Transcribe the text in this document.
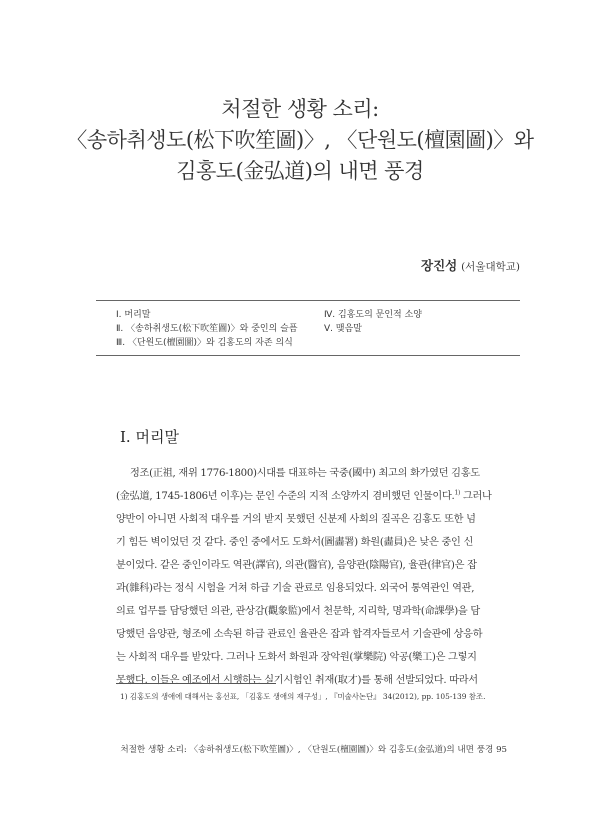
처절한 생황 소리:
〈송하취생도(松下吹笙圖)〉, 〈단원도(檀園圖)〉와
김홍도(金弘道)의 내면 풍경
장진성 (서울대학교)
Ⅰ. 머리말
Ⅱ. 〈송하취생도(松下吹笙圖)〉와 중인의 슬픔
Ⅲ. 〈단원도(檀園圖)〉와 김홍도의 자존 의식
Ⅳ. 김홍도의 문인적 소양
Ⅴ. 맺음말
Ⅰ. 머리말
정조(正祖, 재위 1776-1800)시대를 대표하는 국중(國中) 최고의 화가였던 김홍도
(金弘道, 1745-1806년 이후)는 문인 수준의 지적 소양까지 겸비했던 인물이다.$^{1)}$ 그러나
양반이 아니면 사회적 대우를 거의 받지 못했던 신분제 사회의 질곡은 김홍도 또한 넘
기 힘든 벽이었던 것 같다. 중인 중에서도 도화서(圖畵署) 화원(畵員)은 낮은 중인 신
분이었다. 같은 중인이라도 역관(譯官), 의관(醫官), 음양관(陰陽官), 율관(律官)은 잡
과(雜科)라는 정식 시험을 거쳐 하급 기술 관료로 임용되었다. 외국어 통역관인 역관,
의료 업무를 담당했던 의관, 관상감(觀象監)에서 천문학, 지리학, 명과학(命課學)을 담
당했던 음양관, 형조에 소속된 하급 관료인 율관은 잡과 합격자들로서 기술관에 상응하
는 사회적 대우를 받았다. 그러나 도화서 화원과 장악원(掌樂院) 악공(樂工)은 그렇지
못했다. 이들은 예조에서 시행하는 실기시험인 취재(取才)를 통해 선발되었다. 따라서
1) 김홍도의 생애에 대해서는 홍선표, 「김홍도 생애의 재구성」, 『미술사논단』 34(2012), pp. 105-139 참조.
처절한 생황 소리: 〈송하취생도(松下吹笙圖)〉, 〈단원도(檀園圖)〉와 김홍도(金弘道)의 내면 풍경 95
